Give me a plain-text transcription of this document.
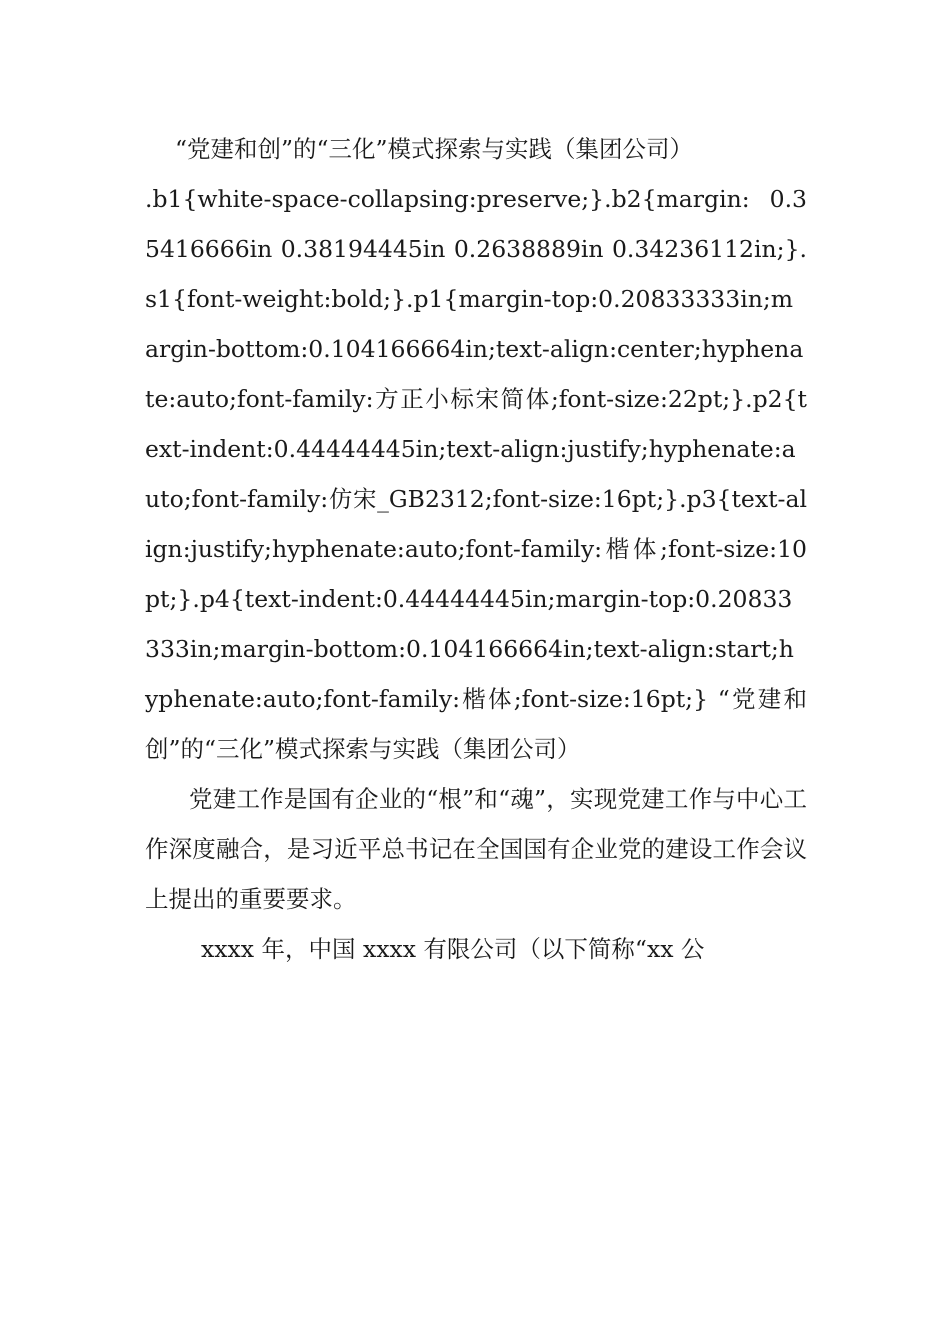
“党建和创”的“三化”模式探索与实践（集团公司）

.b1{white-space-collapsing:preserve;}.b2{margin: 0.35416666in 0.38194445in 0.2638889in 0.34236112in;}.s1{font-weight:bold;}.p1{margin-top:0.20833333in;margin-bottom:0.104166664in;text-align:center;hyphenate:auto;font-family:方正小标宋简体;font-size:22pt;}.p2{text-indent:0.44444445in;text-align:justify;hyphenate:auto;font-family:仿宋_GB2312;font-size:16pt;}.p3{text-align:justify;hyphenate:auto;font-family:楷体;font-size:10pt;}.p4{text-indent:0.44444445in;margin-top:0.20833333in;margin-bottom:0.104166664in;text-align:start;hyphenate:auto;font-family:楷体;font-size:16pt;} “党建和创”的“三化”模式探索与实践（集团公司）

党建工作是国有企业的“根”和“魂”，实现党建工作与中心工作深度融合，是习近平总书记在全国国有企业党的建设工作会议上提出的重要要求。

xxxx 年，中国 xxxx 有限公司（以下简称“xx 公
